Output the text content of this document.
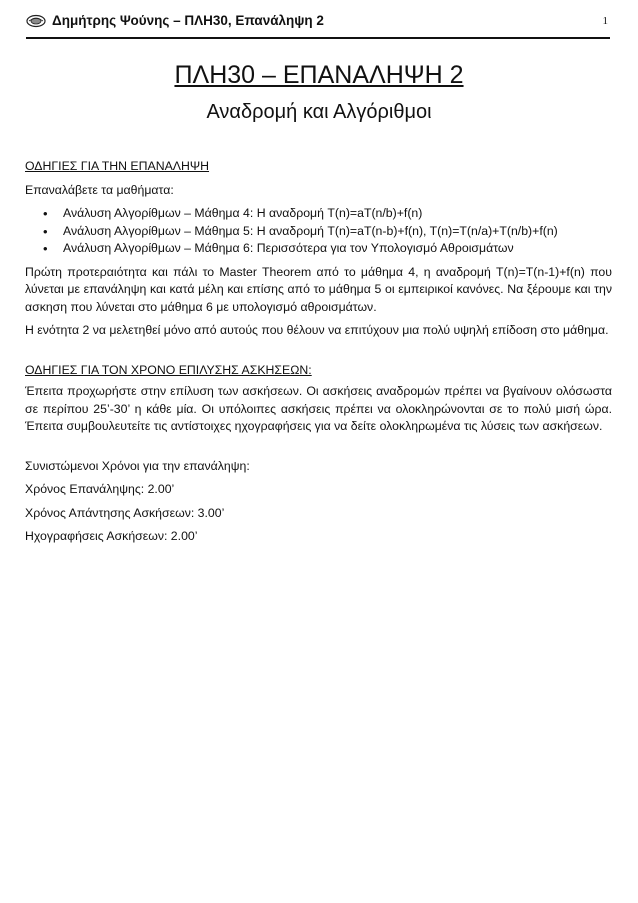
Δημήτρης Ψούνης – ΠΛΗ30, Επανάληψη 2	1
ΠΛΗ30 – ΕΠΑΝΑΛΗΨΗ 2
Αναδρομή και Αλγόριθμοι

ΟΔΗΓΙΕΣ ΓΙΑ ΤΗΝ ΕΠΑΝΑΛΗΨΗ

Επαναλάβετε τα μαθήματα:

• Ανάλυση Αλγορίθμων – Μάθημα 4: Η αναδρομή T(n)=aT(n/b)+f(n)
• Ανάλυση Αλγορίθμων – Μάθημα 5: Η αναδρομή T(n)=aT(n-b)+f(n), T(n)=T(n/a)+T(n/b)+f(n)
• Ανάλυση Αλγορίθμων – Μάθημα 6: Περισσότερα για τον Υπολογισμό Αθροισμάτων

Πρώτη προτεραιότητα και πάλι το Master Theorem από το μάθημα 4, η αναδρομή T(n)=T(n-1)+f(n) που λύνεται με επανάληψη και κατά μέλη και επίσης από το μάθημα 5 οι εμπειρικοί κανόνες. Να ξέρουμε και την ασκηση που λύνεται στο μάθημα 6 με υπολογισμό αθροισμάτων.

Η ενότητα 2 να μελετηθεί μόνο από αυτούς που θέλουν να επιτύχουν μια πολύ υψηλή επίδοση στο μάθημα.

ΟΔΗΓΙΕΣ ΓΙΑ ΤΟΝ ΧΡΟΝΟ ΕΠΙΛΥΣΗΣ ΑΣΚΗΣΕΩΝ:

Έπειτα προχωρήστε στην επίλυση των ασκήσεων. Οι ασκήσεις αναδρομών πρέπει να βγαίνουν ολόσωστα σε περίπου 25’-30’ η κάθε μία. Οι υπόλοιπες ασκήσεις πρέπει να ολοκληρώνονται σε το πολύ μισή ώρα. Έπειτα συμβουλευτείτε τις αντίστοιχες ηχογραφήσεις για να δείτε ολοκληρωμένα τις λύσεις των ασκήσεων.

Συνιστώμενοι Χρόνοι για την επανάληψη:

Χρόνος Επανάληψης: 2.00’

Χρόνος Απάντησης Ασκήσεων: 3.00’

Ηχογραφήσεις Ασκήσεων: 2.00’
